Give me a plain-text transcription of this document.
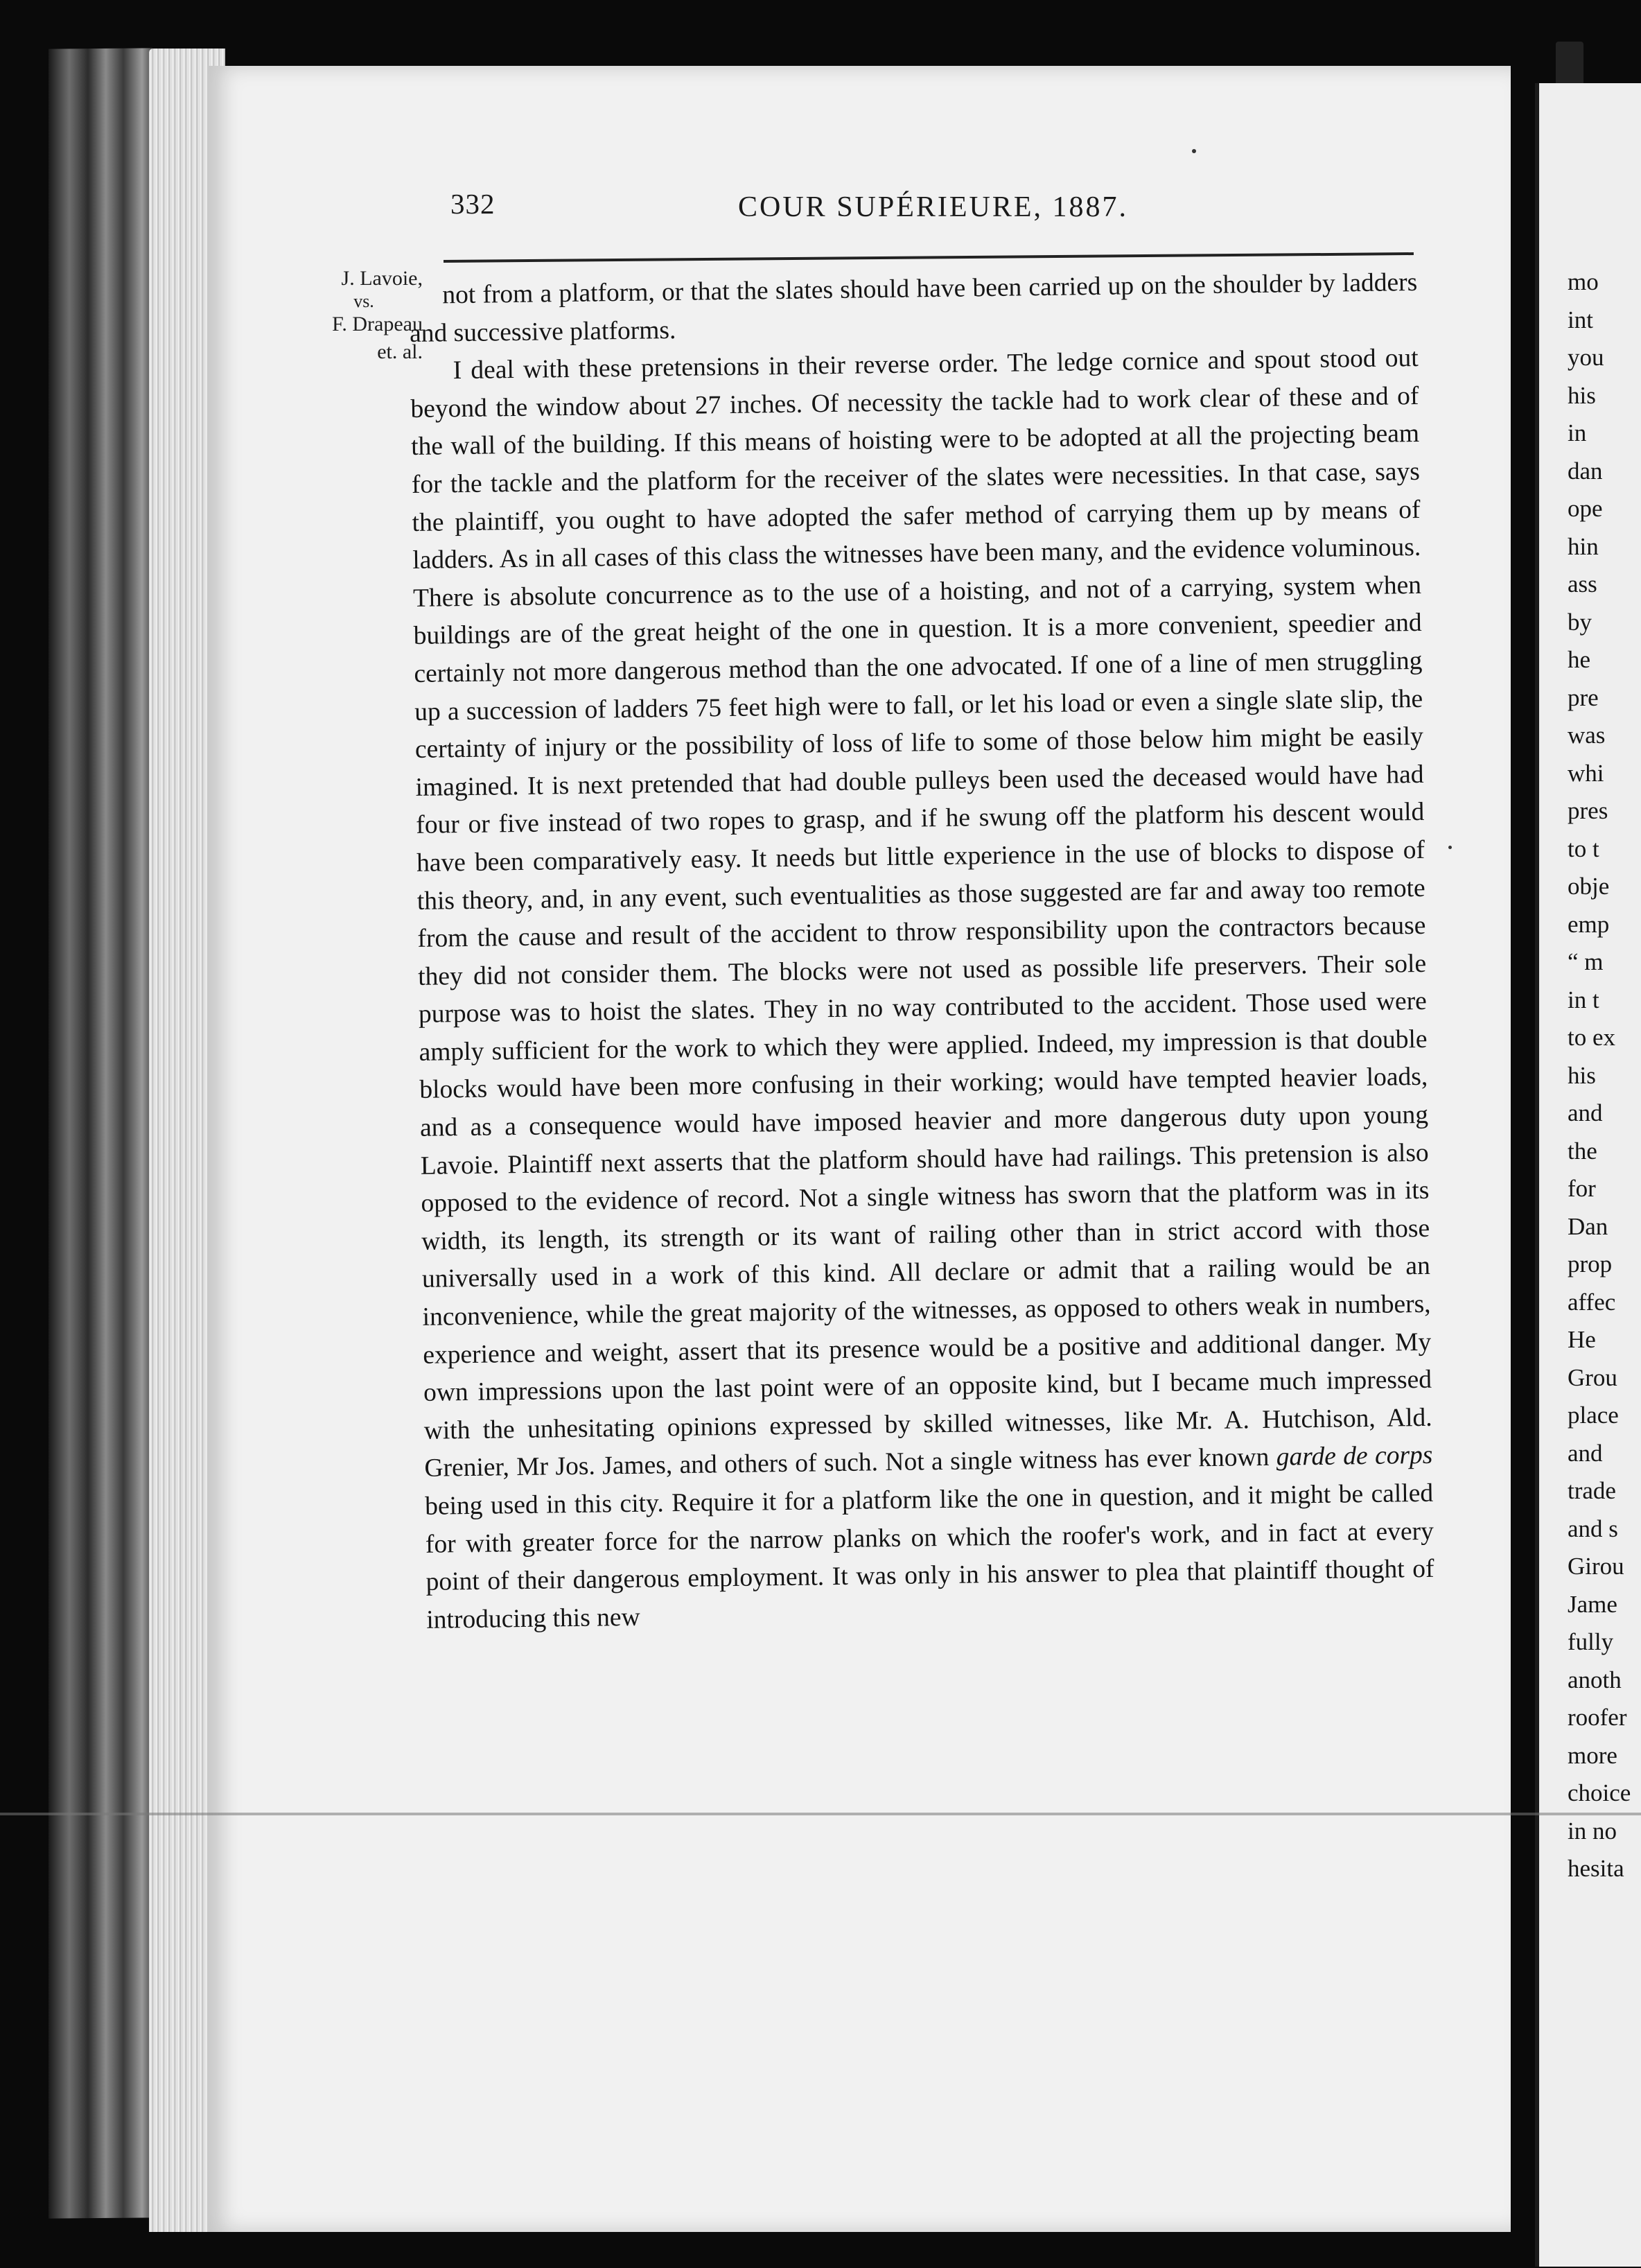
332	COUR SUPÉRIEURE, 1887.
J. Lavoie,
vs.
F. Drapeau
et. al.

not from a platform, or that the slates should have been carried up on the shoulder by ladders and successive platforms.

I deal with these pretensions in their reverse order. The ledge cornice and spout stood out beyond the window about 27 inches. Of necessity the tackle had to work clear of these and of the wall of the building. If this means of hoisting were to be adopted at all the projecting beam for the tackle and the platform for the receiver of the slates were necessities. In that case, says the plaintiff, you ought to have adopted the safer method of carrying them up by means of ladders. As in all cases of this class the witnesses have been many, and the evidence voluminous. There is absolute concurrence as to the use of a hoisting, and not of a carrying, system when buildings are of the great height of the one in question. It is a more convenient, speedier and certainly not more dangerous method than the one advocated. If one of a line of men struggling up a succession of ladders 75 feet high were to fall, or let his load or even a single slate slip, the certainty of injury or the possibility of loss of life to some of those below him might be easily imagined. It is next pretended that had double pulleys been used the deceased would have had four or five instead of two ropes to grasp, and if he swung off the platform his descent would have been comparatively easy. It needs but little experience in the use of blocks to dispose of this theory, and, in any event, such eventualities as those suggested are far and away too remote from the cause and result of the accident to throw responsibility upon the contractors because they did not consider them. The blocks were not used as possible life preservers. Their sole purpose was to hoist the slates. They in no way contributed to the accident. Those used were amply sufficient for the work to which they were applied. Indeed, my impression is that double blocks would have been more confusing in their working; would have tempted heavier loads, and as a consequence would have imposed heavier and more dangerous duty upon young Lavoie. Plaintiff next asserts that the platform should have had railings. This pretension is also opposed to the evidence of record. Not a single witness has sworn that the platform was in its width, its length, its strength or its want of railing other than in strict accord with those universally used in a work of this kind. All declare or admit that a railing would be an inconvenience, while the great majority of the witnesses, as opposed to others weak in numbers, experience and weight, assert that its presence would be a positive and additional danger. My own impressions upon the last point were of an opposite kind, but I became much impressed with the unhesitating opinions expressed by skilled witnesses, like Mr. A. Hutchison, Ald. Grenier, Mr Jos. James, and others of such. Not a single witness has ever known garde de corps being used in this city. Require it for a platform like the one in question, and it might be called for with greater force for the narrow planks on which the roofer's work, and in fact at every point of their dangerous employment. It was only in his answer to plea that plaintiff thought of introducing this new

mo
int
you
his
in
dan
ope
hin
ass
by
he
pre
was
whi
pres
to t
obje
emp
“ m
in t
to ex
his
and
the
for
Dan
prop
affec
He
Grou
place
and
trade
and s
Girou
Jame
fully
anoth
roofer
more
choice
in no
hesita
